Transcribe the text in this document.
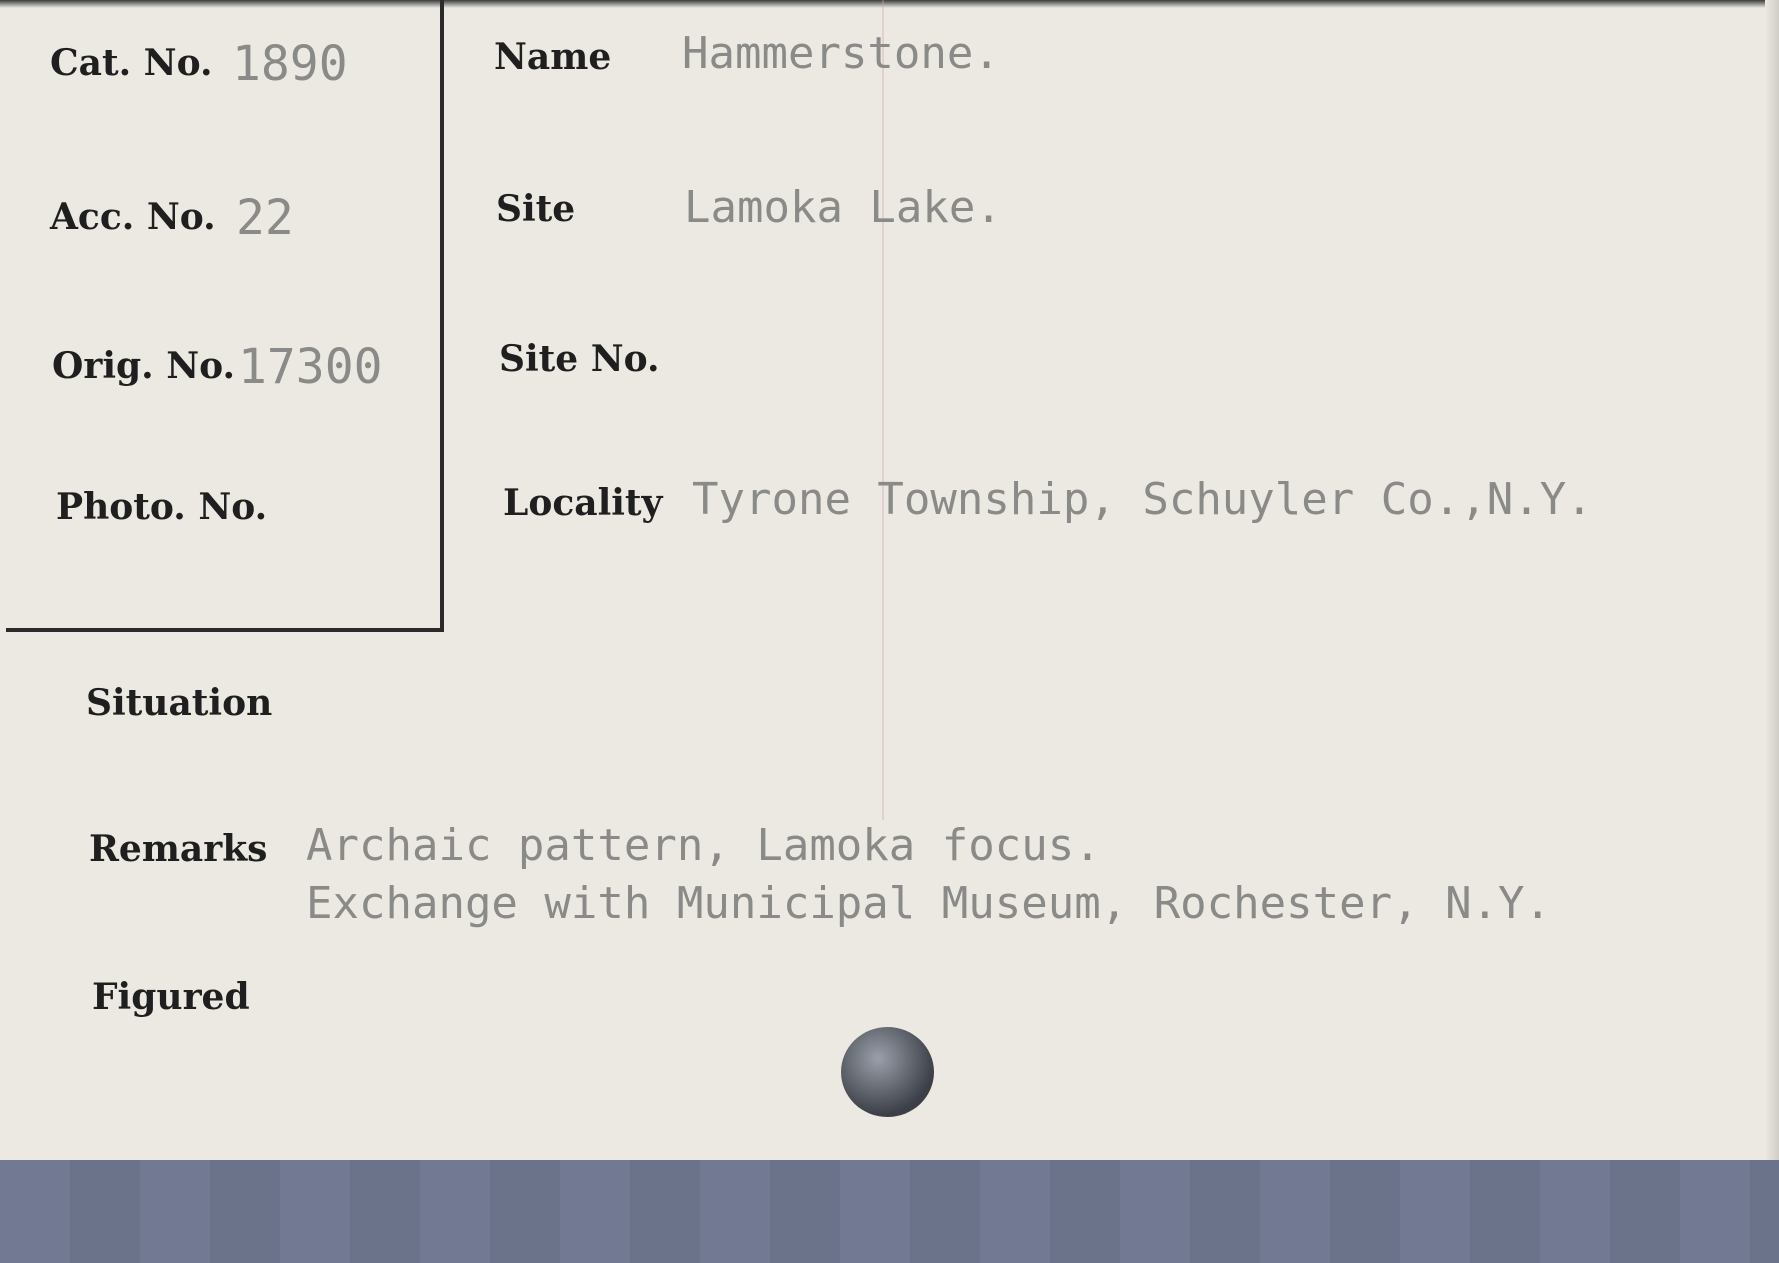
Cat. No. 1890
Acc. No. 22
Orig. No. 17300
Photo. No.
Name Hammerstone.
Site Lamoka Lake.
Site No.
Locality Tyrone Township, Schuyler Co.,N.Y.
Situation
Remarks Archaic pattern, Lamoka focus.
Exchange with Municipal Museum, Rochester, N.Y.
Figured
